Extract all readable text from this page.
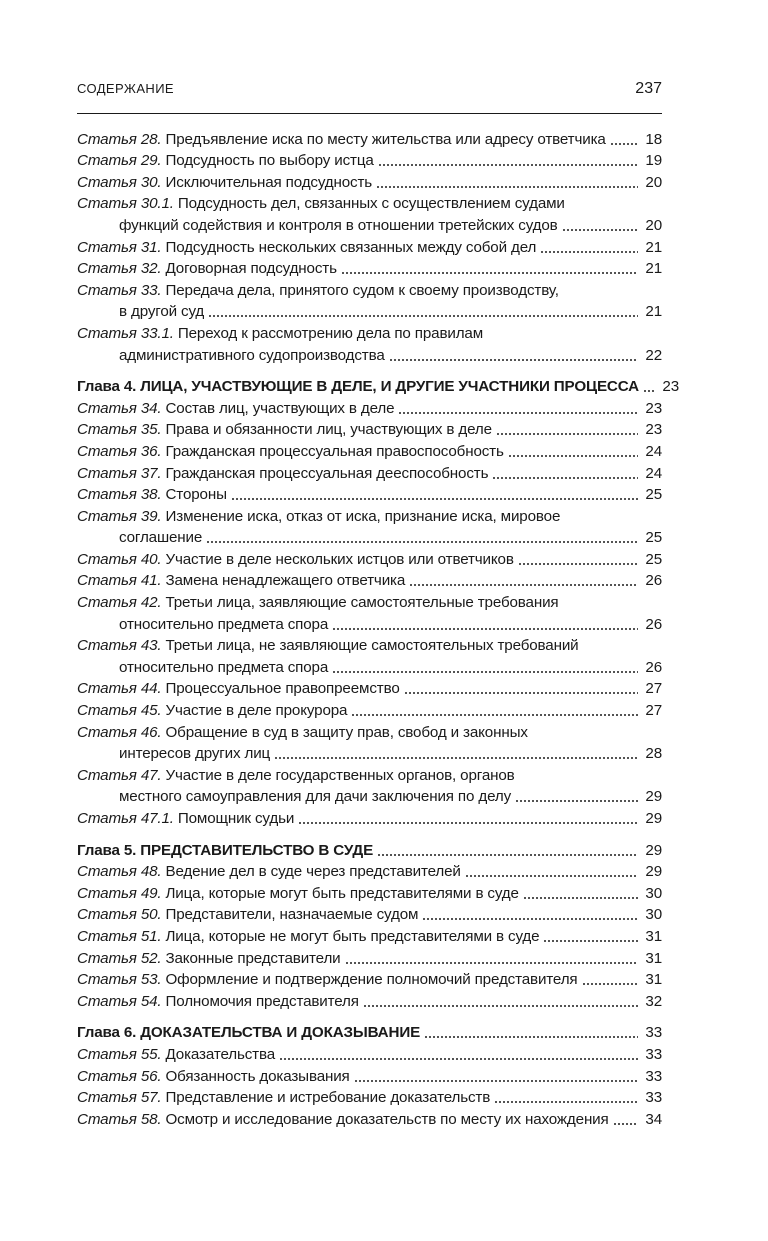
СОДЕРЖАНИЕ	237
Статья 28. Предъявление иска по месту жительства или адресу ответчика	18
Статья 29. Подсудность по выбору истца	19
Статья 30. Исключительная подсудность	20
Статья 30.1. Подсудность дел, связанных с осуществлением судами
функций содействия и контроля в отношении третейских судов	20
Статья 31. Подсудность нескольких связанных между собой дел	21
Статья 32. Договорная подсудность	21
Статья 33. Передача дела, принятого судом к своему производству,
в другой суд	21
Статья 33.1. Переход к рассмотрению дела по правилам
административного судопроизводства	22
Глава 4. ЛИЦА, УЧАСТВУЮЩИЕ В ДЕЛЕ, И ДРУГИЕ УЧАСТНИКИ ПРОЦЕССА 23
Статья 34. Состав лиц, участвующих в деле	23
Статья 35. Права и обязанности лиц, участвующих в деле	23
Статья 36. Гражданская процессуальная правоспособность	24
Статья 37. Гражданская процессуальная дееспособность	24
Статья 38. Стороны	25
Статья 39. Изменение иска, отказ от иска, признание иска, мировое
соглашение	25
Статья 40. Участие в деле нескольких истцов или ответчиков	25
Статья 41. Замена ненадлежащего ответчика	26
Статья 42. Третьи лица, заявляющие самостоятельные требования
относительно предмета спора	26
Статья 43. Третьи лица, не заявляющие самостоятельных требований
относительно предмета спора	26
Статья 44. Процессуальное правопреемство	27
Статья 45. Участие в деле прокурора	27
Статья 46. Обращение в суд в защиту прав, свобод и законных
интересов других лиц	28
Статья 47. Участие в деле государственных органов, органов
местного самоуправления для дачи заключения по делу	29
Статья 47.1. Помощник судьи	29
Глава 5. ПРЕДСТАВИТЕЛЬСТВО В СУДЕ	29
Статья 48. Ведение дел в суде через представителей	29
Статья 49. Лица, которые могут быть представителями в суде	30
Статья 50. Представители, назначаемые судом	30
Статья 51. Лица, которые не могут быть представителями в суде	31
Статья 52. Законные представители	31
Статья 53. Оформление и подтверждение полномочий представителя	31
Статья 54. Полномочия представителя	32
Глава 6. ДОКАЗАТЕЛЬСТВА И ДОКАЗЫВАНИЕ	33
Статья 55. Доказательства	33
Статья 56. Обязанность доказывания	33
Статья 57. Представление и истребование доказательств	33
Статья 58. Осмотр и исследование доказательств по месту их нахождения 34
